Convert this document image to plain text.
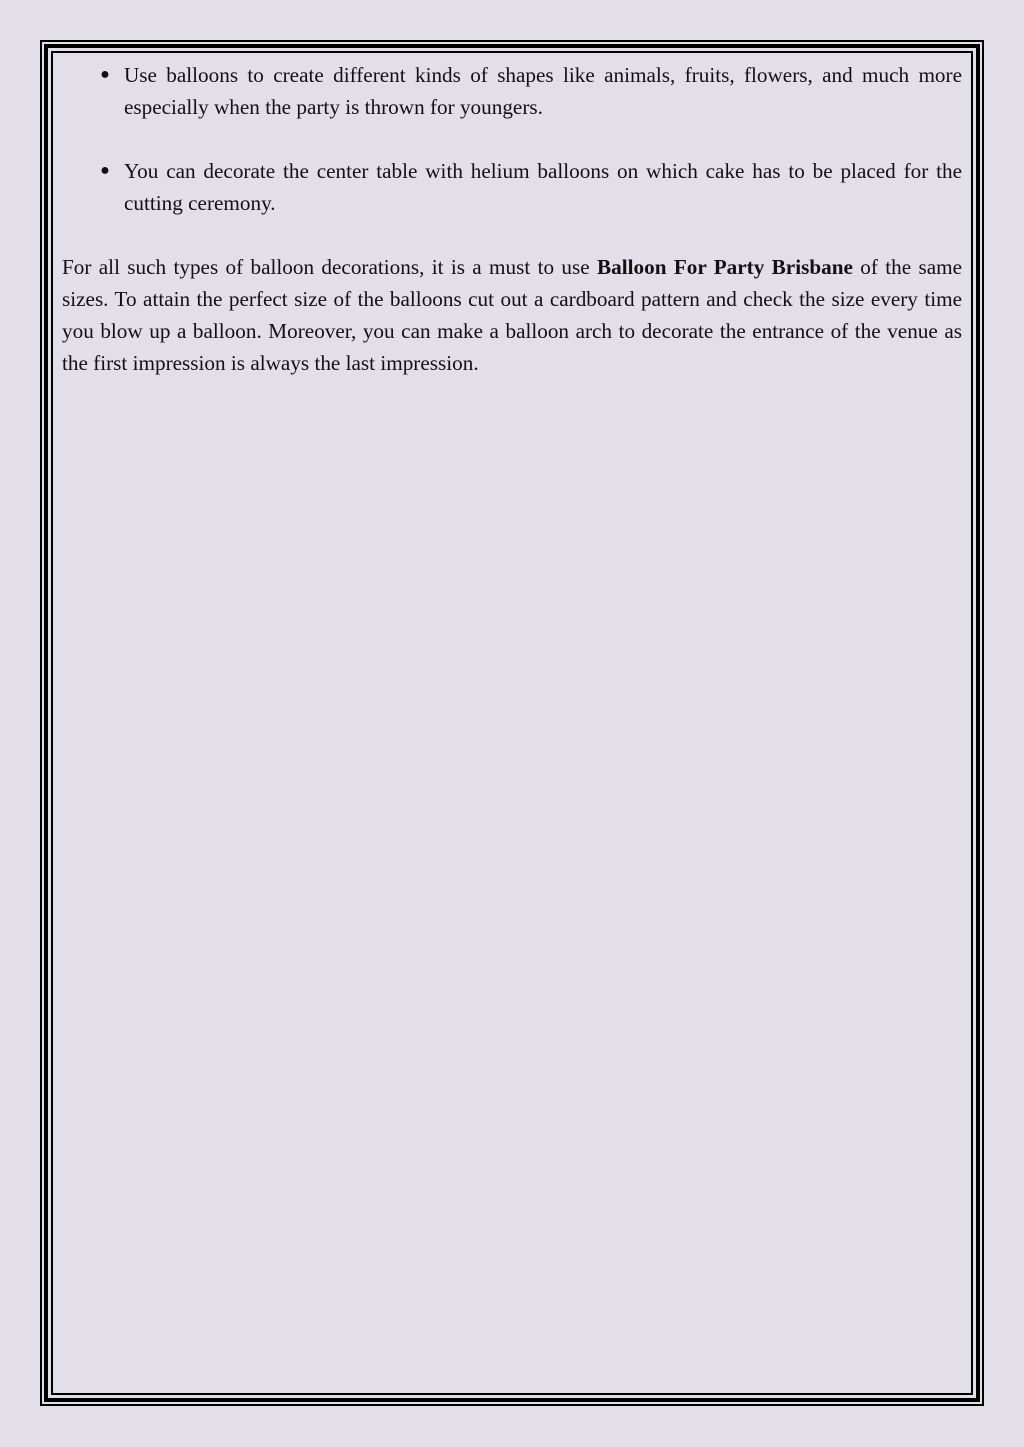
● Use balloons to create different kinds of shapes like animals, fruits, flowers, and much more especially when the party is thrown for youngers.
● You can decorate the center table with helium balloons on which cake has to be placed for the cutting ceremony.

For all such types of balloon decorations, it is a must to use Balloon For Party Brisbane of the same sizes. To attain the perfect size of the balloons cut out a cardboard pattern and check the size every time you blow up a balloon. Moreover, you can make a balloon arch to decorate the entrance of the venue as the first impression is always the last impression.
